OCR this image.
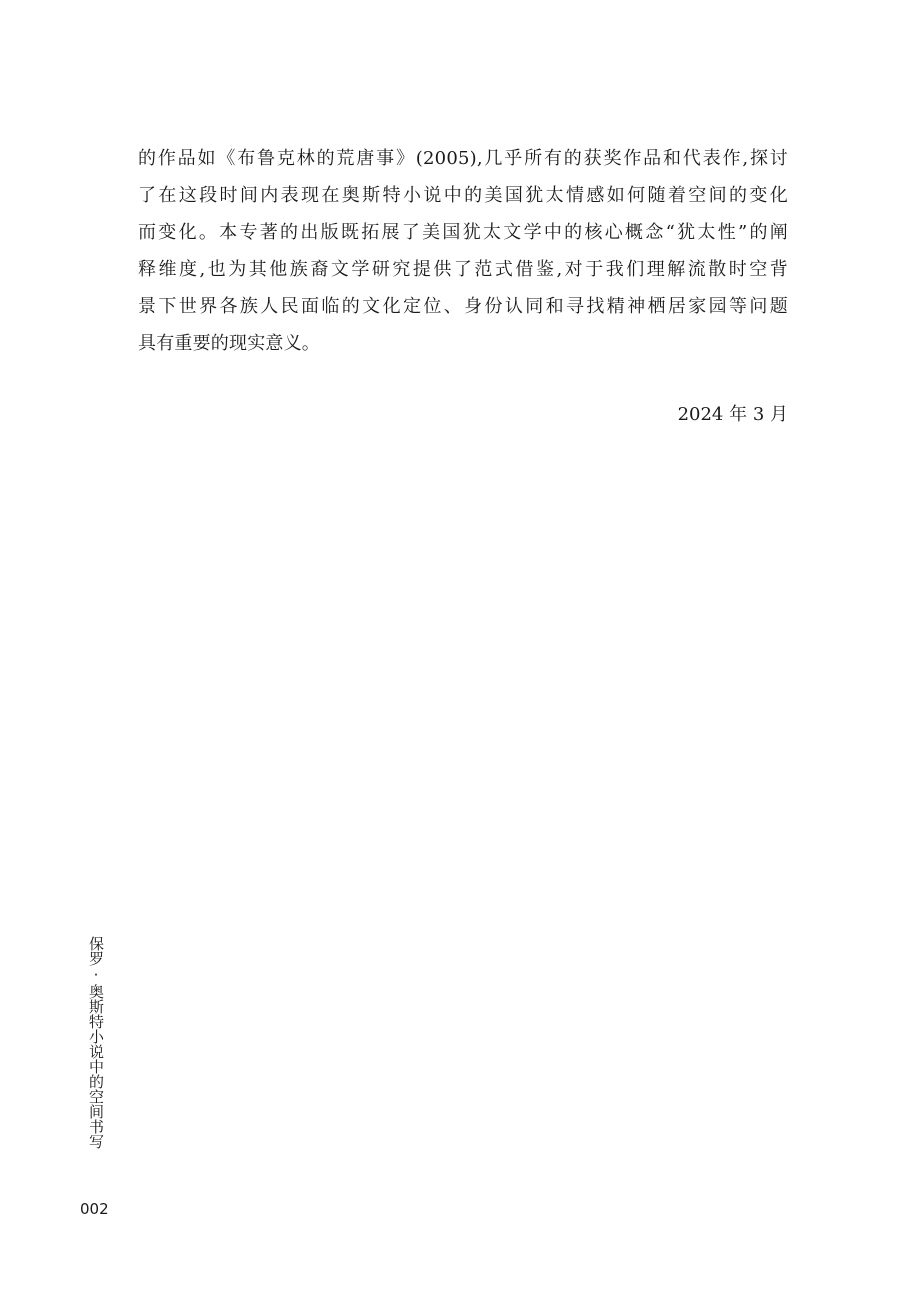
的作品如《布鲁克林的荒唐事》(2005),几乎所有的获奖作品和代表作,探讨
了在这段时间内表现在奥斯特小说中的美国犹太情感如何随着空间的变化
而变化。本专著的出版既拓展了美国犹太文学中的核心概念“犹太性”的阐
释维度,也为其他族裔文学研究提供了范式借鉴,对于我们理解流散时空背
景下世界各族人民面临的文化定位、身份认同和寻找精神栖居家园等问题
具有重要的现实意义。
2024 年 3 月
保罗·奥斯特小说中的空间书写
002
